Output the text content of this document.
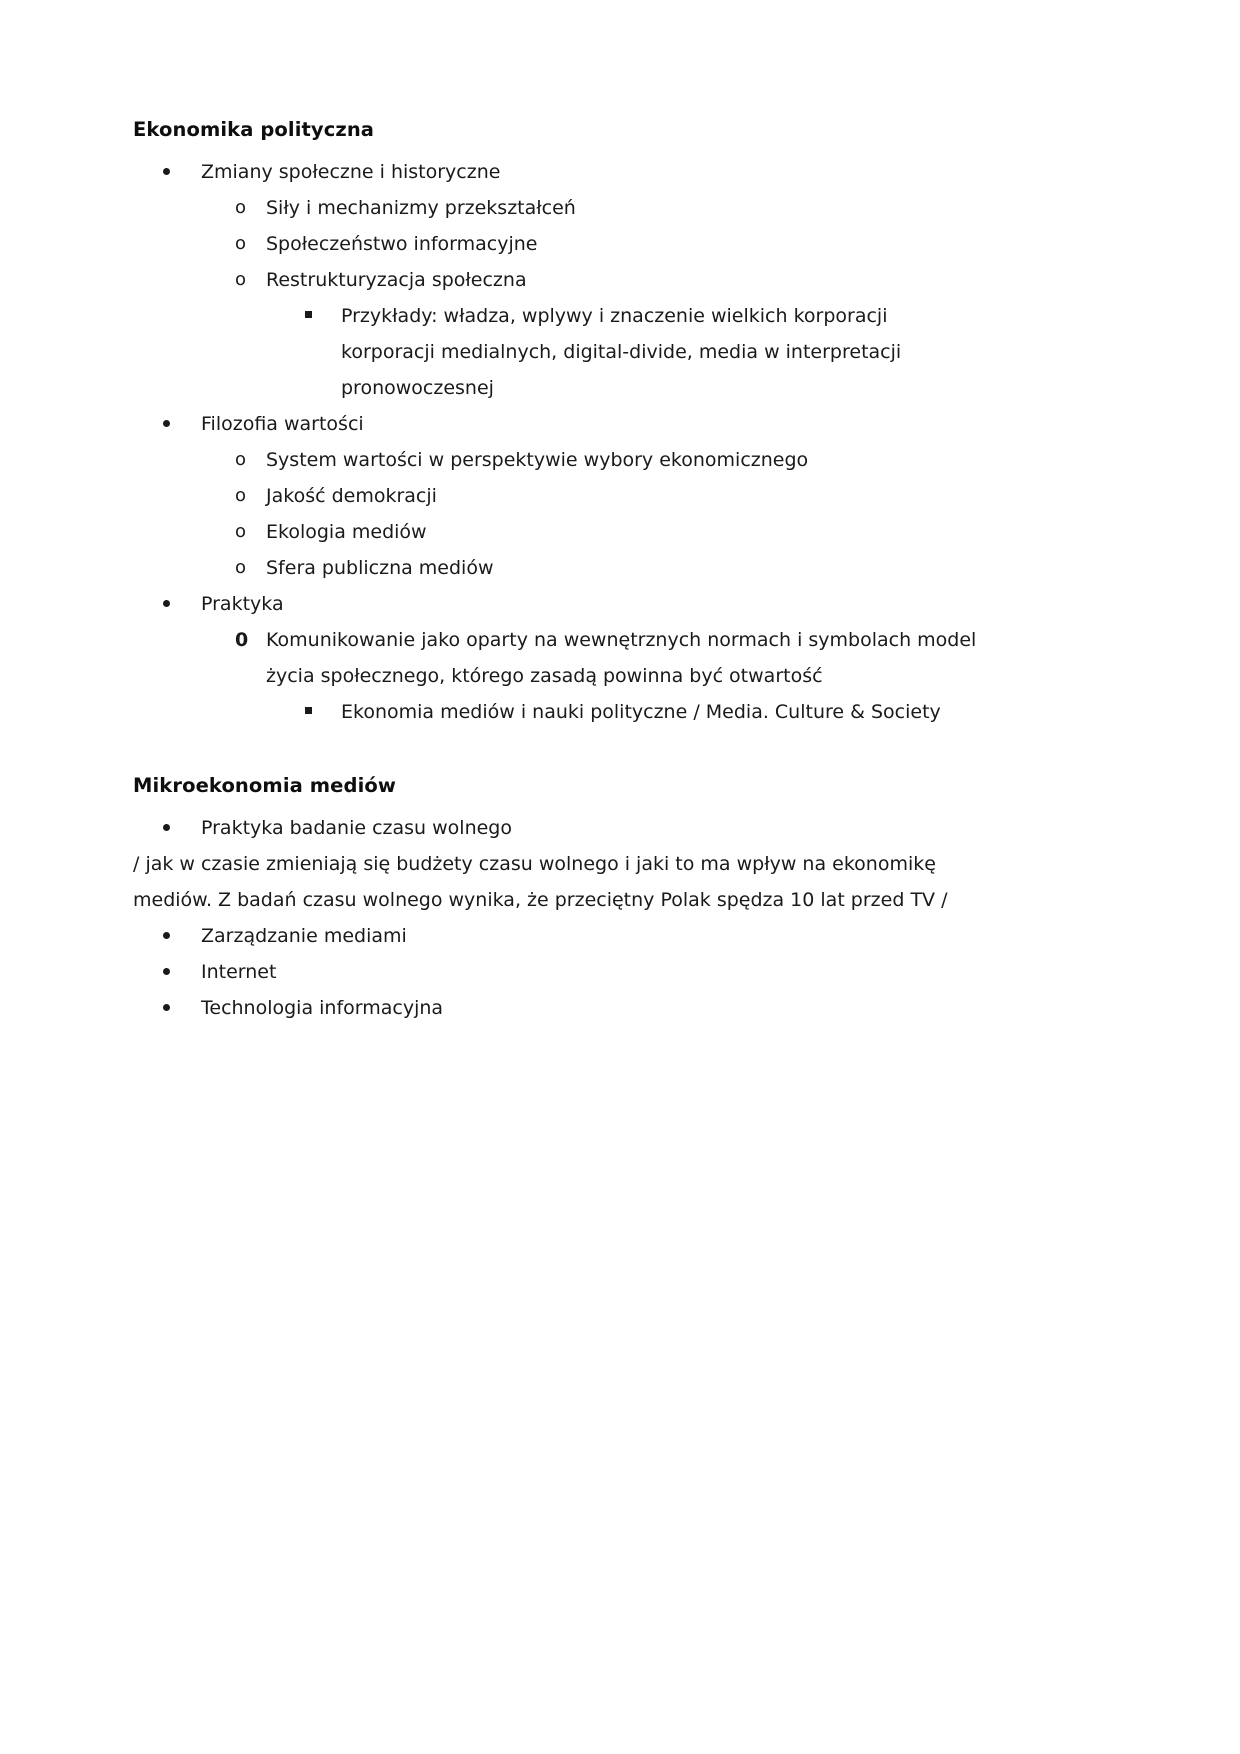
Ekonomika polityczna
Zmiany społeczne i historyczne
o	Siły i mechanizmy przekształceń
o	Społeczeństwo informacyjne
o	Restrukturyzacja społeczna
Przykłady: władza, wplywy i znaczenie wielkich korporacji korporacji medialnych, digital-divide, media w interpretacji pronowoczesnej
Filozofia wartości
o	System wartości w perspektywie wybory ekonomicznego
o	Jakość demokracji
o	Ekologia mediów
o	Sfera publiczna mediów
Praktyka
0 Komunikowanie jako oparty na wewnętrznych normach i symbolach model życia społecznego, którego zasadą powinna być otwartość
Ekonomia mediów i nauki polityczne / Media. Culture & Society
Mikroekonomia mediów
Praktyka badanie czasu wolnego

/ jak w czasie zmieniają się budżety czasu wolnego i jaki to ma wpływ na ekonomikę mediów. Z badań czasu wolnego wynika, że przeciętny Polak spędza 10 lat przed TV /

Zarządzanie mediami
Internet
Technologia informacyjna
